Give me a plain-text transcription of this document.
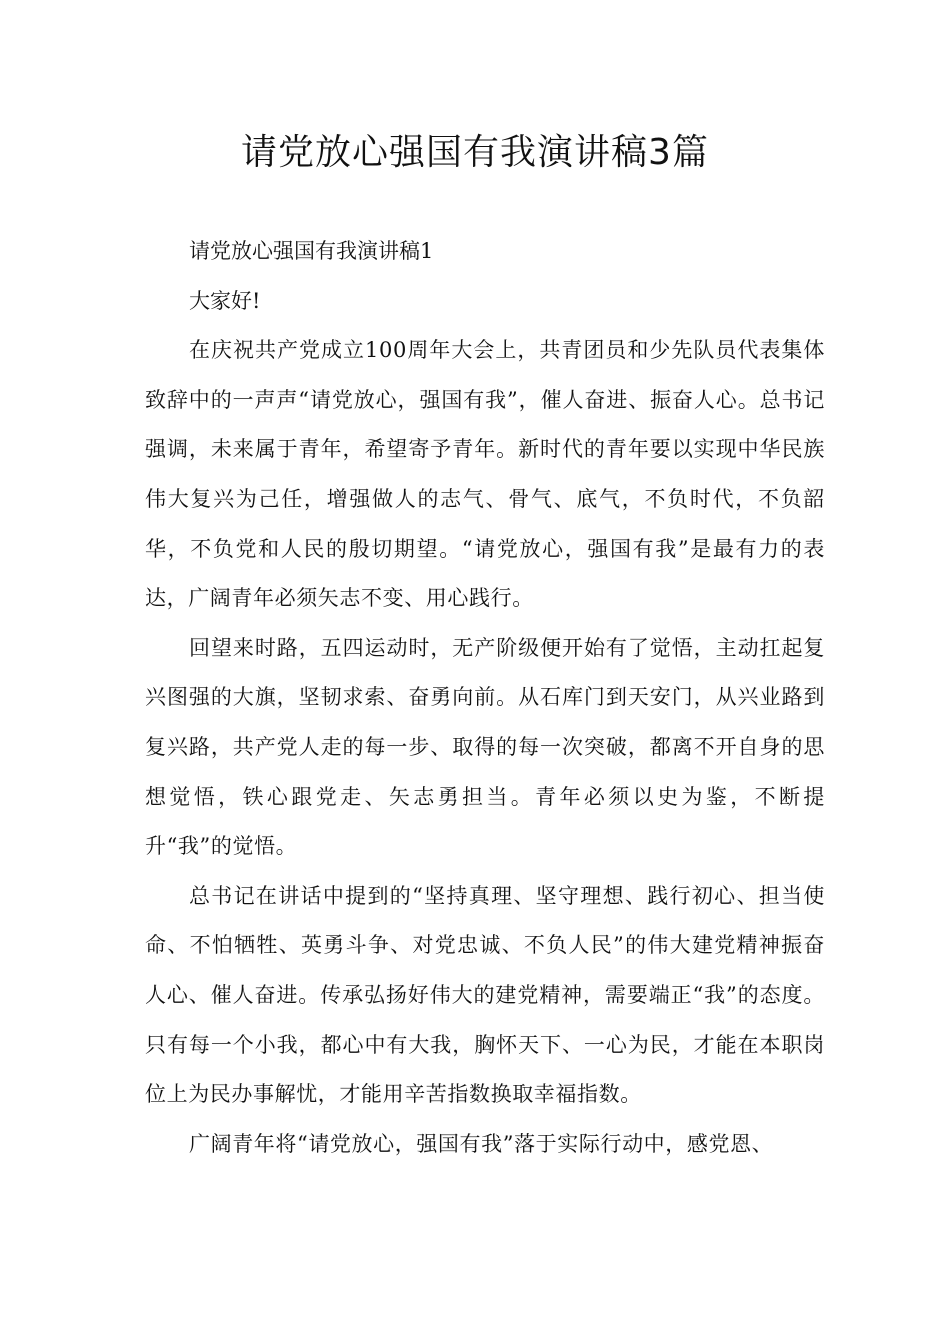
请党放心强国有我演讲稿3篇

请党放心强国有我演讲稿1

大家好!

在庆祝共产党成立100周年大会上，共青团员和少先队员代表集体致辞中的一声声“请党放心，强国有我”，催人奋进、振奋人心。总书记强调，未来属于青年，希望寄予青年。新时代的青年要以实现中华民族伟大复兴为己任，增强做人的志气、骨气、底气，不负时代，不负韶华，不负党和人民的殷切期望。“请党放心，强国有我”是最有力的表达，广阔青年必须矢志不变、用心践行。

回望来时路，五四运动时，无产阶级便开始有了觉悟，主动扛起复兴图强的大旗，坚韧求索、奋勇向前。从石库门到天安门，从兴业路到复兴路，共产党人走的每一步、取得的每一次突破，都离不开自身的思想觉悟，铁心跟党走、矢志勇担当。青年必须以史为鉴，不断提升“我”的觉悟。

总书记在讲话中提到的“坚持真理、坚守理想、践行初心、担当使命、不怕牺牲、英勇斗争、对党忠诚、不负人民”的伟大建党精神振奋人心、催人奋进。传承弘扬好伟大的建党精神，需要端正“我”的态度。只有每一个小我，都心中有大我，胸怀天下、一心为民，才能在本职岗位上为民办事解忧，才能用辛苦指数换取幸福指数。

广阔青年将“请党放心，强国有我”落于实际行动中，感党恩、
